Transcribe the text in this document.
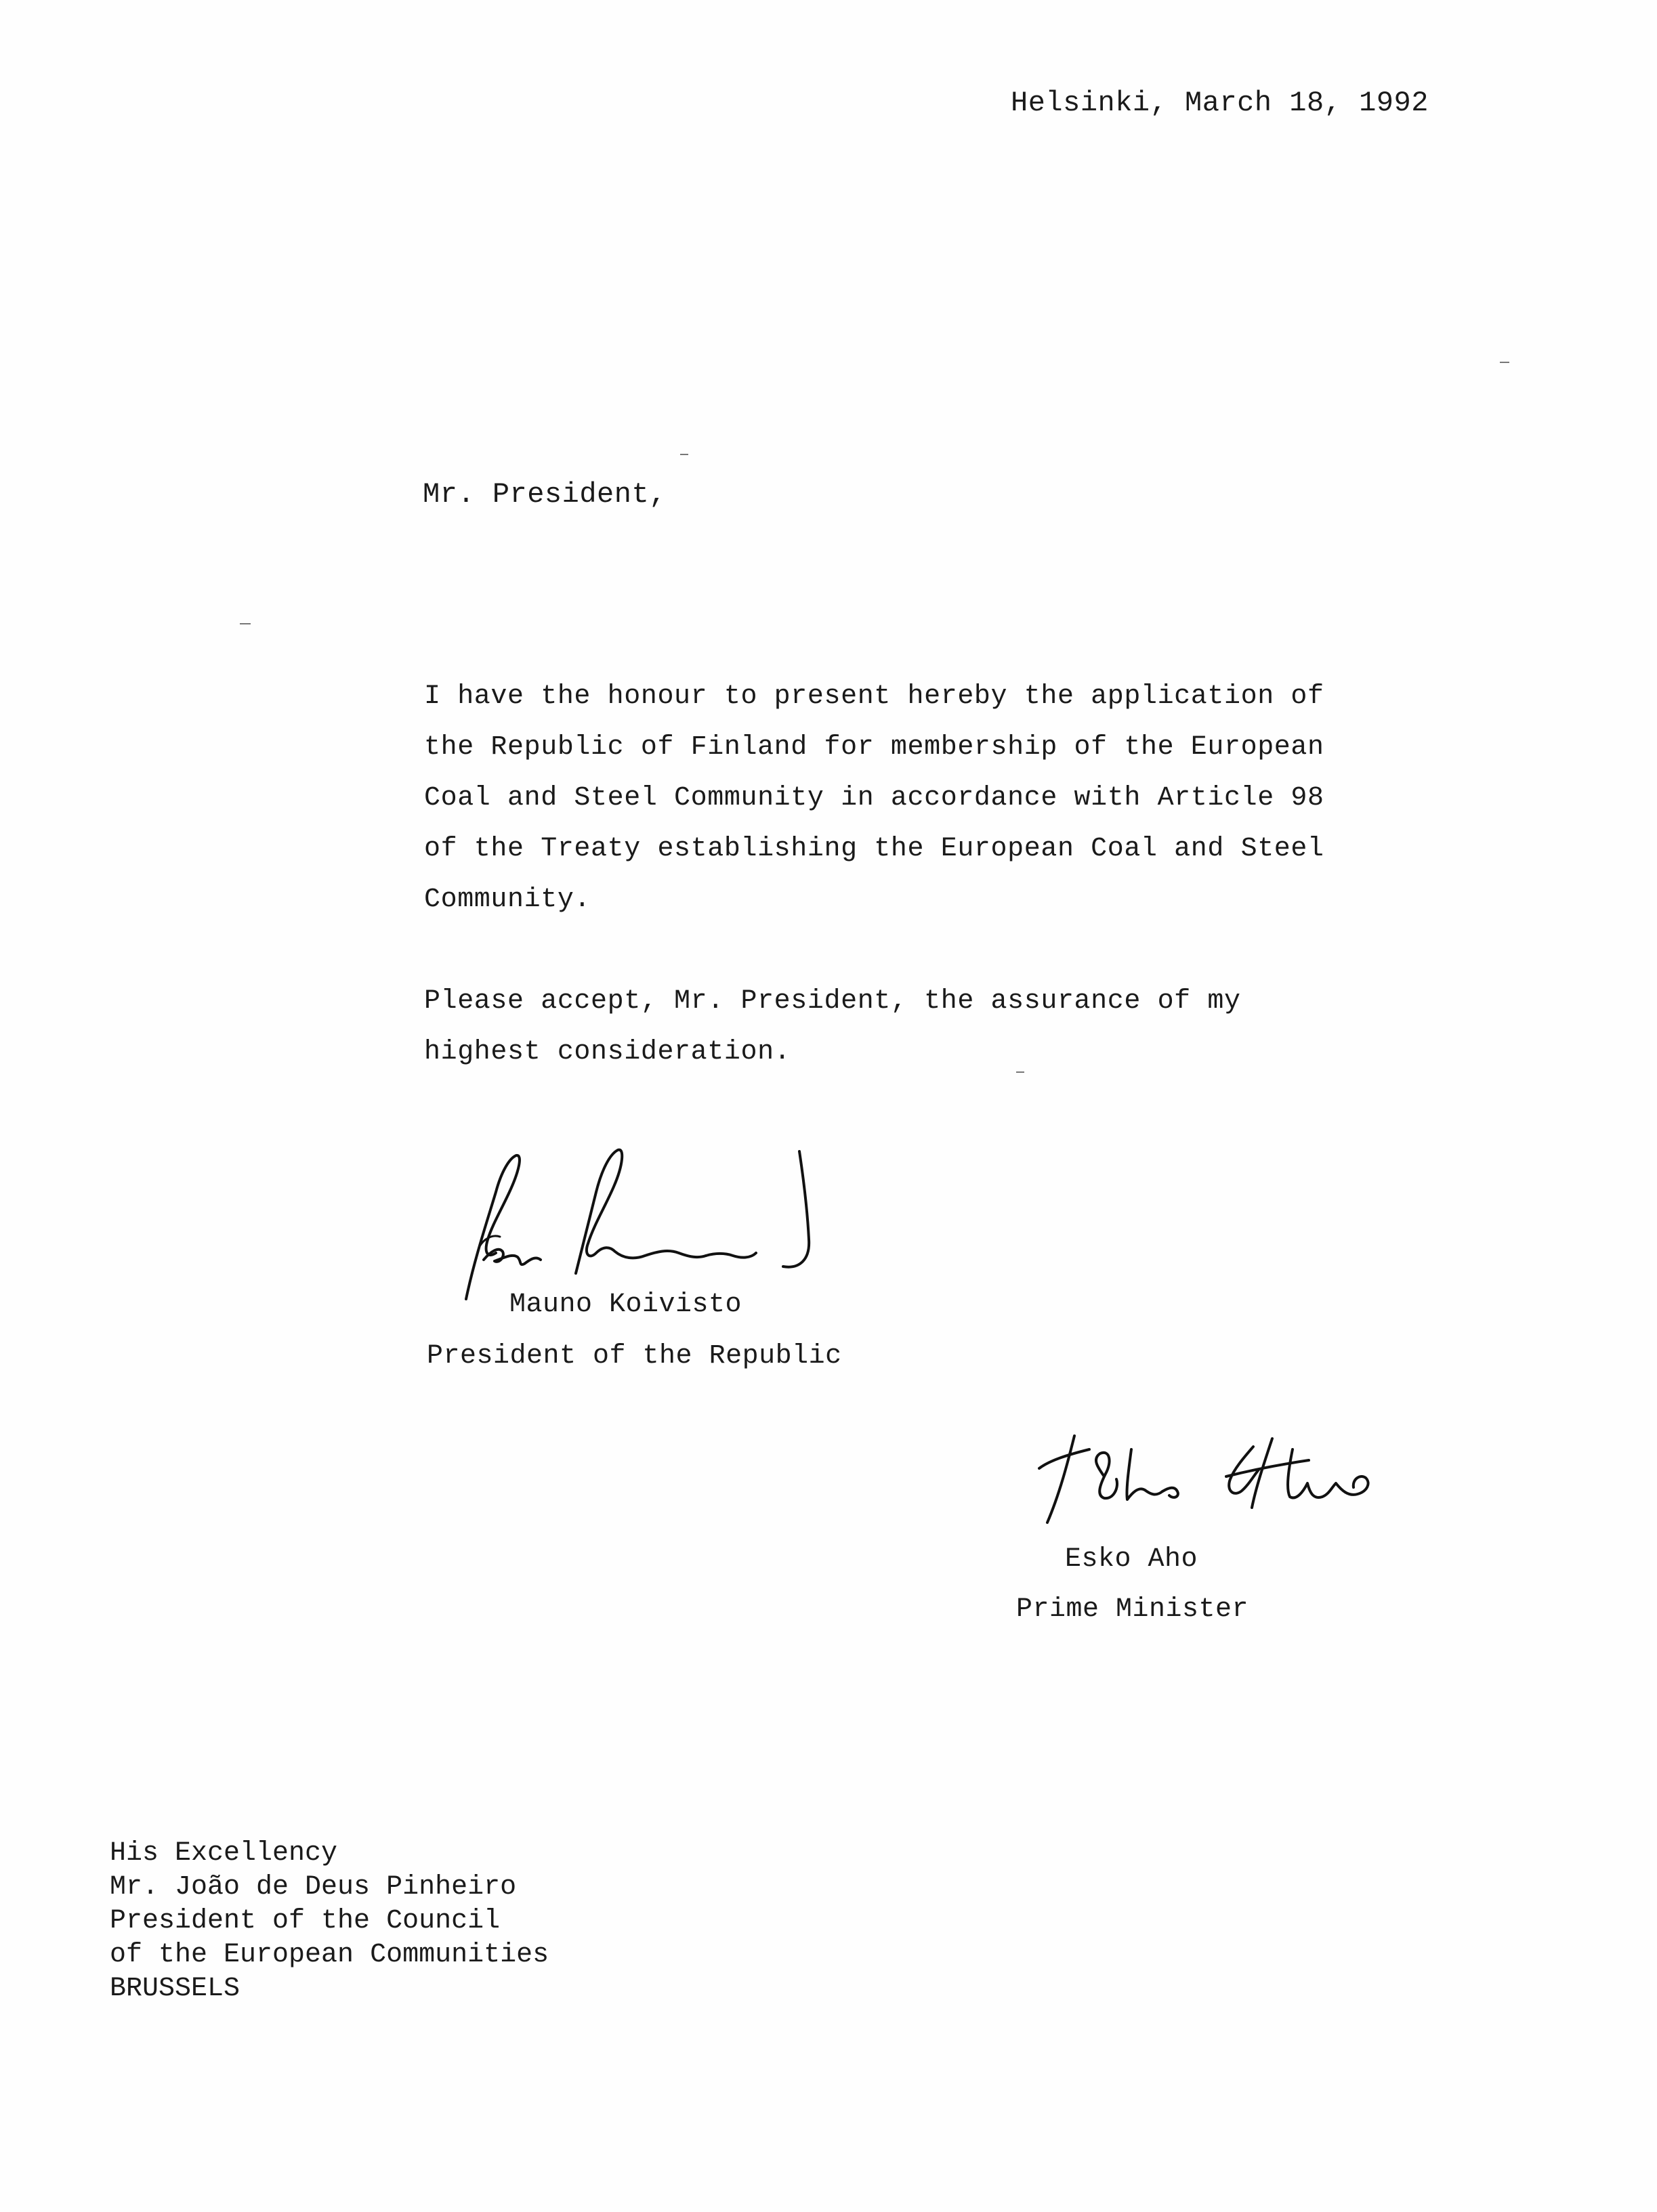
Helsinki, March 18, 1992

Mr. President,

I have the honour to present hereby the application of
the Republic of Finland for membership of the European
Coal and Steel Community in accordance with Article 98
of the Treaty establishing the European Coal and Steel
Community.

Please accept, Mr. President, the assurance of my
highest consideration.

Mauno Koivisto

President of the Republic

Esko Aho

Prime Minister

His Excellency
Mr. João de Deus Pinheiro
President of the Council
of the European Communities
BRUSSELS
